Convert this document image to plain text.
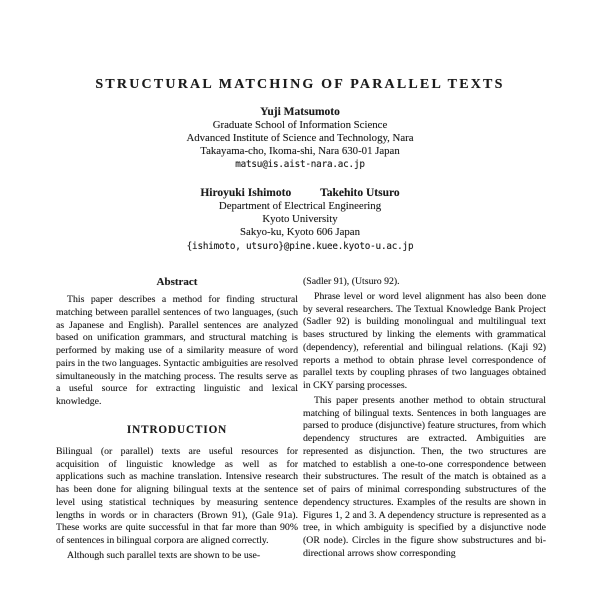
STRUCTURAL MATCHING OF PARALLEL TEXTS
Yuji Matsumoto
Graduate School of Information Science
Advanced Institute of Science and Technology, Nara
Takayama-cho, Ikoma-shi, Nara 630-01 Japan
matsu@is.aist-nara.ac.jp
Hiroyuki Ishimoto	Takehito Utsuro
Department of Electrical Engineering
Kyoto University
Sakyo-ku, Kyoto 606 Japan
{ishimoto, utsuro}@pine.kuee.kyoto-u.ac.jp
Abstract

This paper describes a method for finding structural matching between parallel sentences of two languages, (such as Japanese and English). Parallel sentences are analyzed based on unification grammars, and structural matching is performed by making use of a similarity measure of word pairs in the two languages. Syntactic ambiguities are resolved simultaneously in the matching process. The results serve as a useful source for extracting linguistic and lexical knowledge.

INTRODUCTION

Bilingual (or parallel) texts are useful resources for acquisition of linguistic knowledge as well as for applications such as machine translation. Intensive research has been done for aligning bilingual texts at the sentence level using statistical techniques by measuring sentence lengths in words or in characters (Brown 91), (Gale 91a). These works are quite successful in that far more than 90% of sentences in bilingual corpora are aligned correctly.

Although such parallel texts are shown to be use-

(Sadler 91), (Utsuro 92).

Phrase level or word level alignment has also been done by several researchers. The Textual Knowledge Bank Project (Sadler 92) is building monolingual and multilingual text bases structured by linking the elements with grammatical (dependency), referential and bilingual relations. (Kaji 92) reports a method to obtain phrase level correspondence of parallel texts by coupling phrases of two languages obtained in CKY parsing processes.

This paper presents another method to obtain structural matching of bilingual texts. Sentences in both languages are parsed to produce (disjunctive) feature structures, from which dependency structures are extracted. Ambiguities are represented as disjunction. Then, the two structures are matched to establish a one-to-one correspondence between their substructures. The result of the match is obtained as a set of pairs of minimal corresponding substructures of the dependency structures. Examples of the results are shown in Figures 1, 2 and 3. A dependency structure is represented as a tree, in which ambiguity is specified by a disjunctive node (OR node). Circles in the figure show substructures and bi-directional arrows show corresponding
